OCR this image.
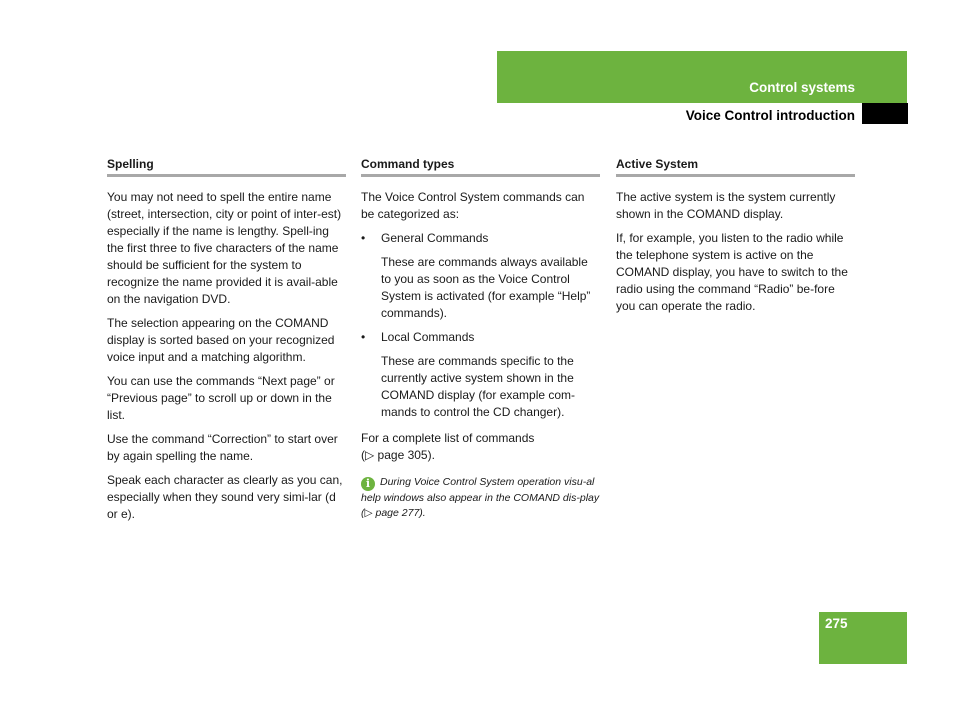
Control systems
Voice Control introduction
Spelling

You may not need to spell the entire name (street, intersection, city or point of inter-est) especially if the name is lengthy. Spell-ing the first three to five characters of the name should be sufficient for the system to recognize the name provided it is avail-able on the navigation DVD.

The selection appearing on the COMAND display is sorted based on your recognized voice input and a matching algorithm.

You can use the commands “Next page” or “Previous page” to scroll up or down in the list.

Use the command “Correction” to start over by again spelling the name.

Speak each character as clearly as you can, especially when they sound very simi-lar (d or e).

Command types

The Voice Control System commands can be categorized as:

• General Commands

These are commands always available to you as soon as the Voice Control System is activated (for example “Help” commands).

• Local Commands

These are commands specific to the currently active system shown in the COMAND display (for example com-mands to control the CD changer).

For a complete list of commands
(▷ page 305).

i During Voice Control System operation visu-al help windows also appear in the COMAND dis-play (▷ page 277).
Active System

The active system is the system currently shown in the COMAND display.

If, for example, you listen to the radio while the telephone system is active on the COMAND display, you have to switch to the radio using the command “Radio” be-fore you can operate the radio.

275
